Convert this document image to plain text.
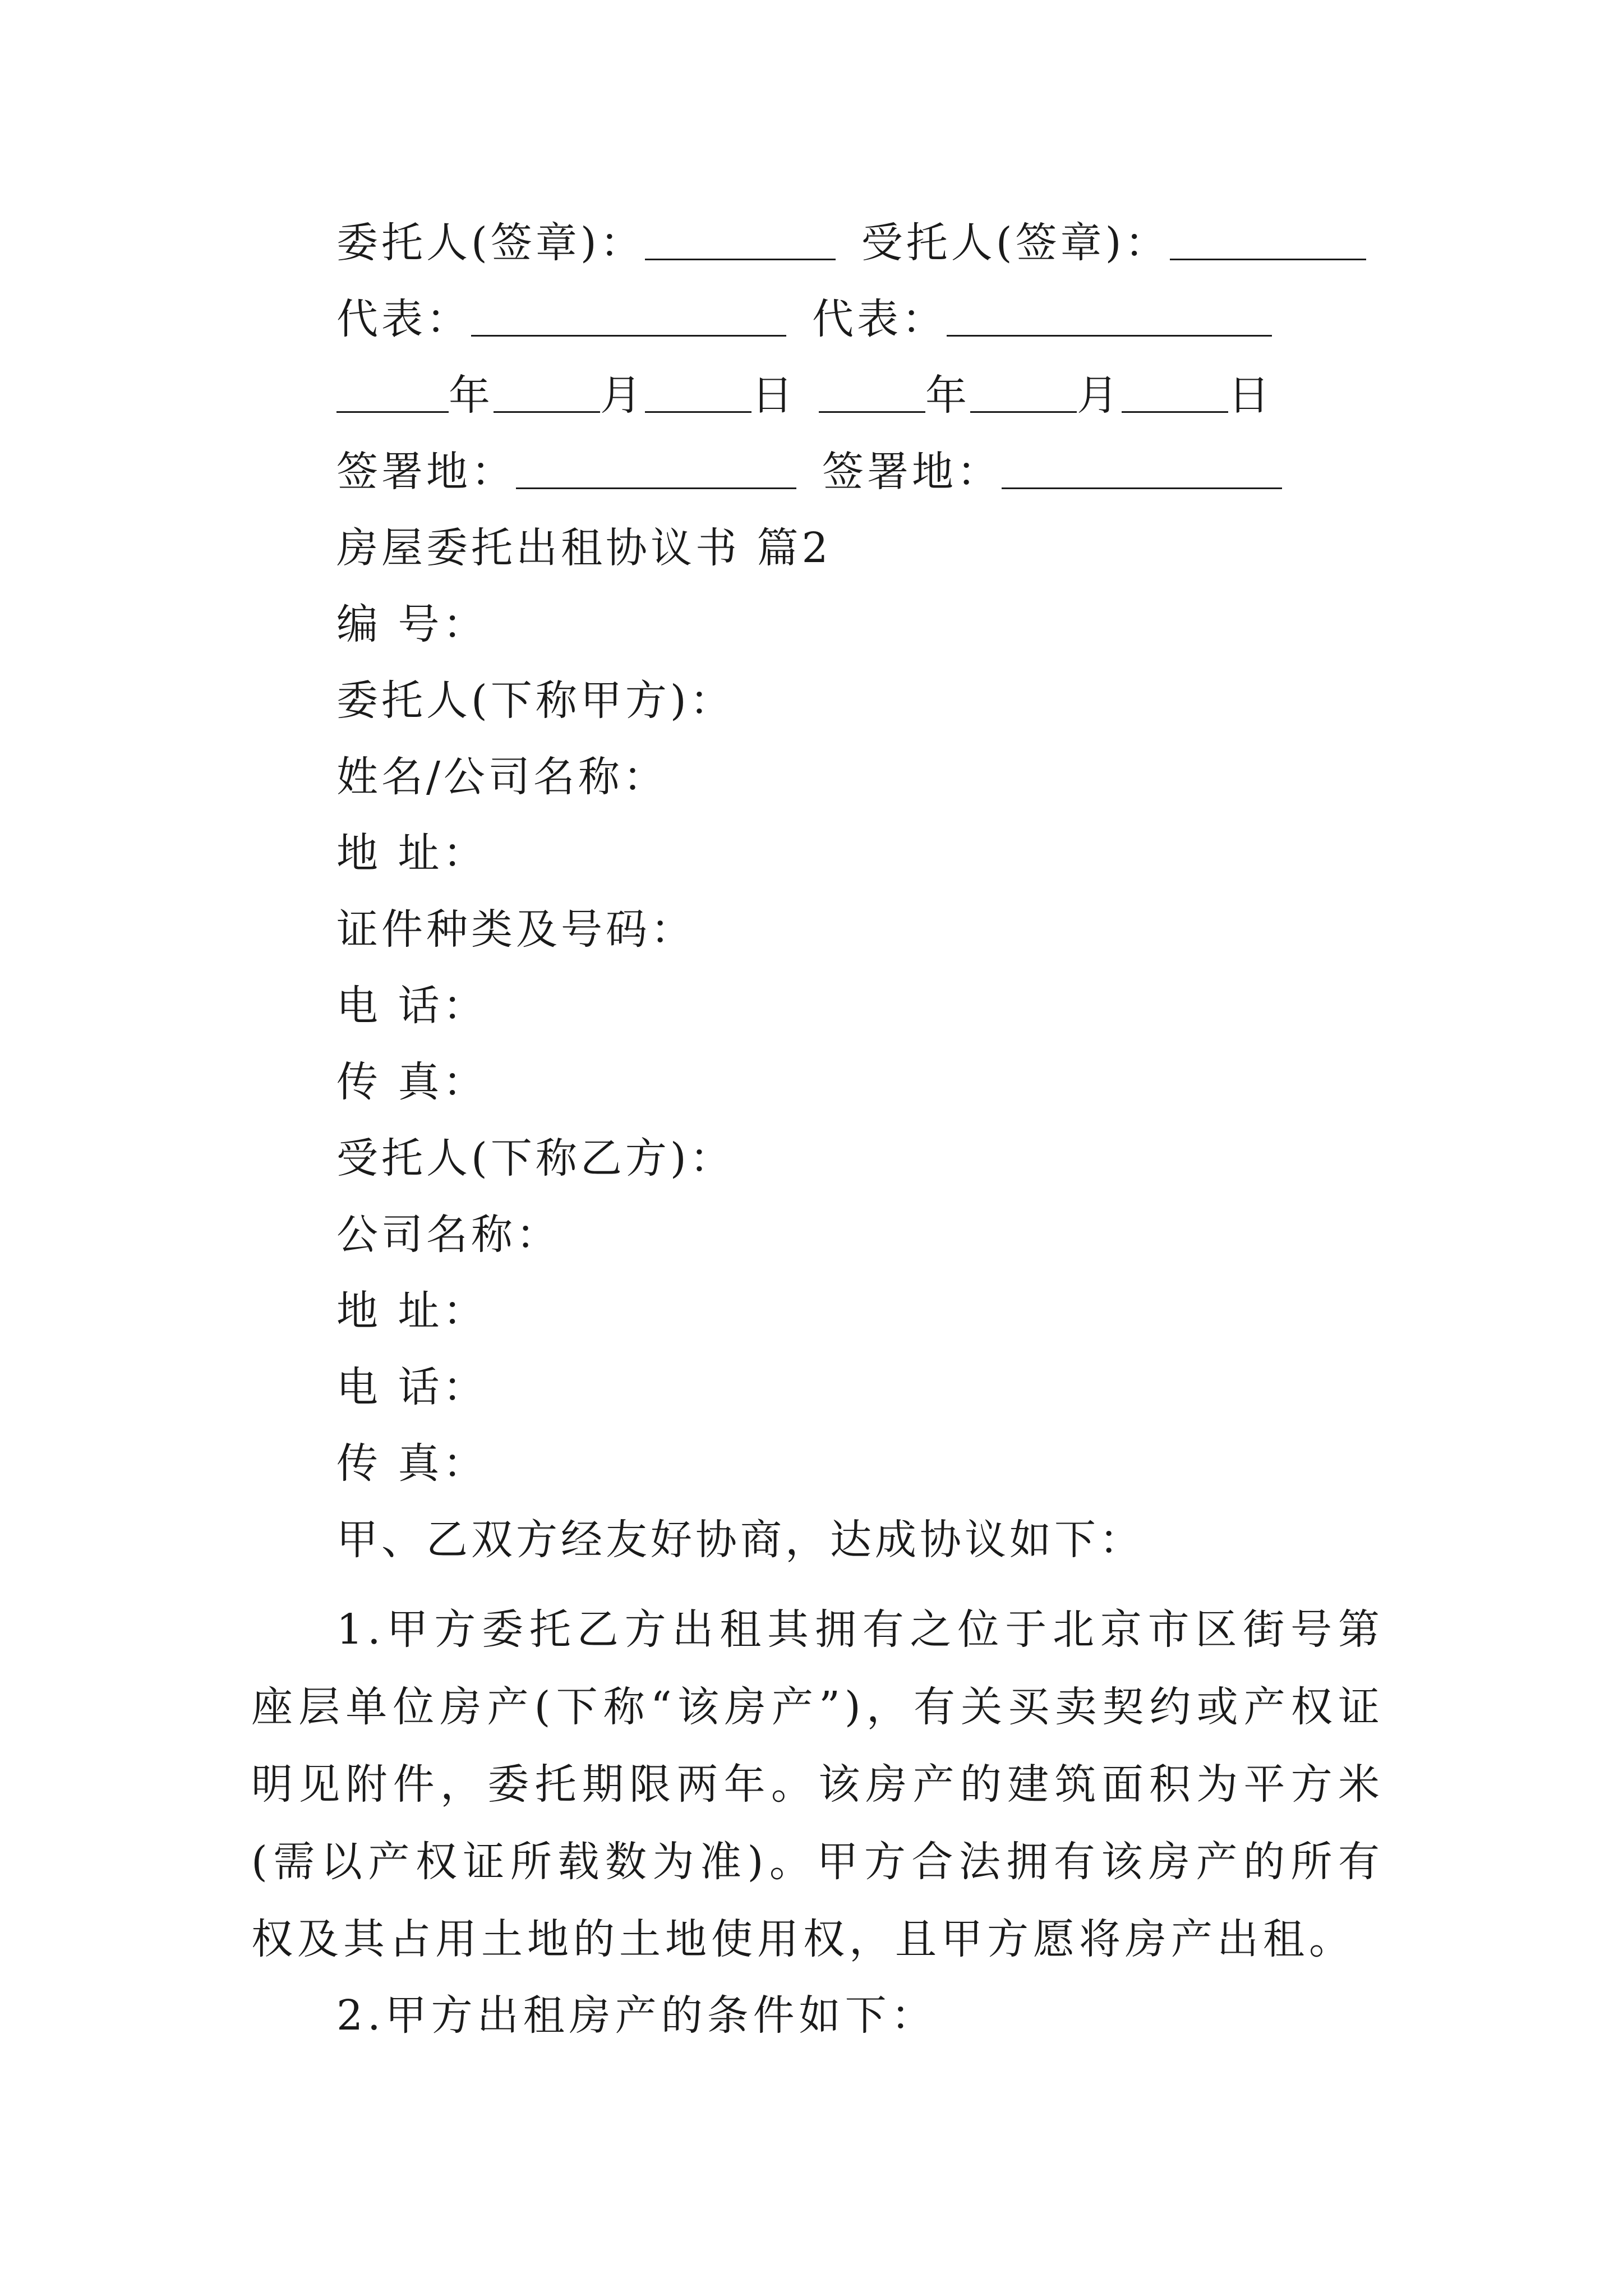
委托人(签章)：	受托人(签章)：
代表：	代表：
年	月	日	年	月	日
签署地：	签署地：
房屋委托出租协议书 篇2
编 号：
委托人(下称甲方)：
姓名/公司名称：
地 址：
证件种类及号码：
电 话：
传 真：
受托人(下称乙方)：
公司名称：
地 址：
电 话：
传 真：
甲、乙双方经友好协商，达成协议如下：
1.甲方委托乙方出租其拥有之位于北京市区街号第座层单位房产(下称“该房产”)，有关买卖契约或产权证明见附件，委托期限两年。该房产的建筑面积为平方米(需以产权证所载数为准)。甲方合法拥有该房产的所有权及其占用土地的土地使用权，且甲方愿将房产出租。
2.甲方出租房产的条件如下：
